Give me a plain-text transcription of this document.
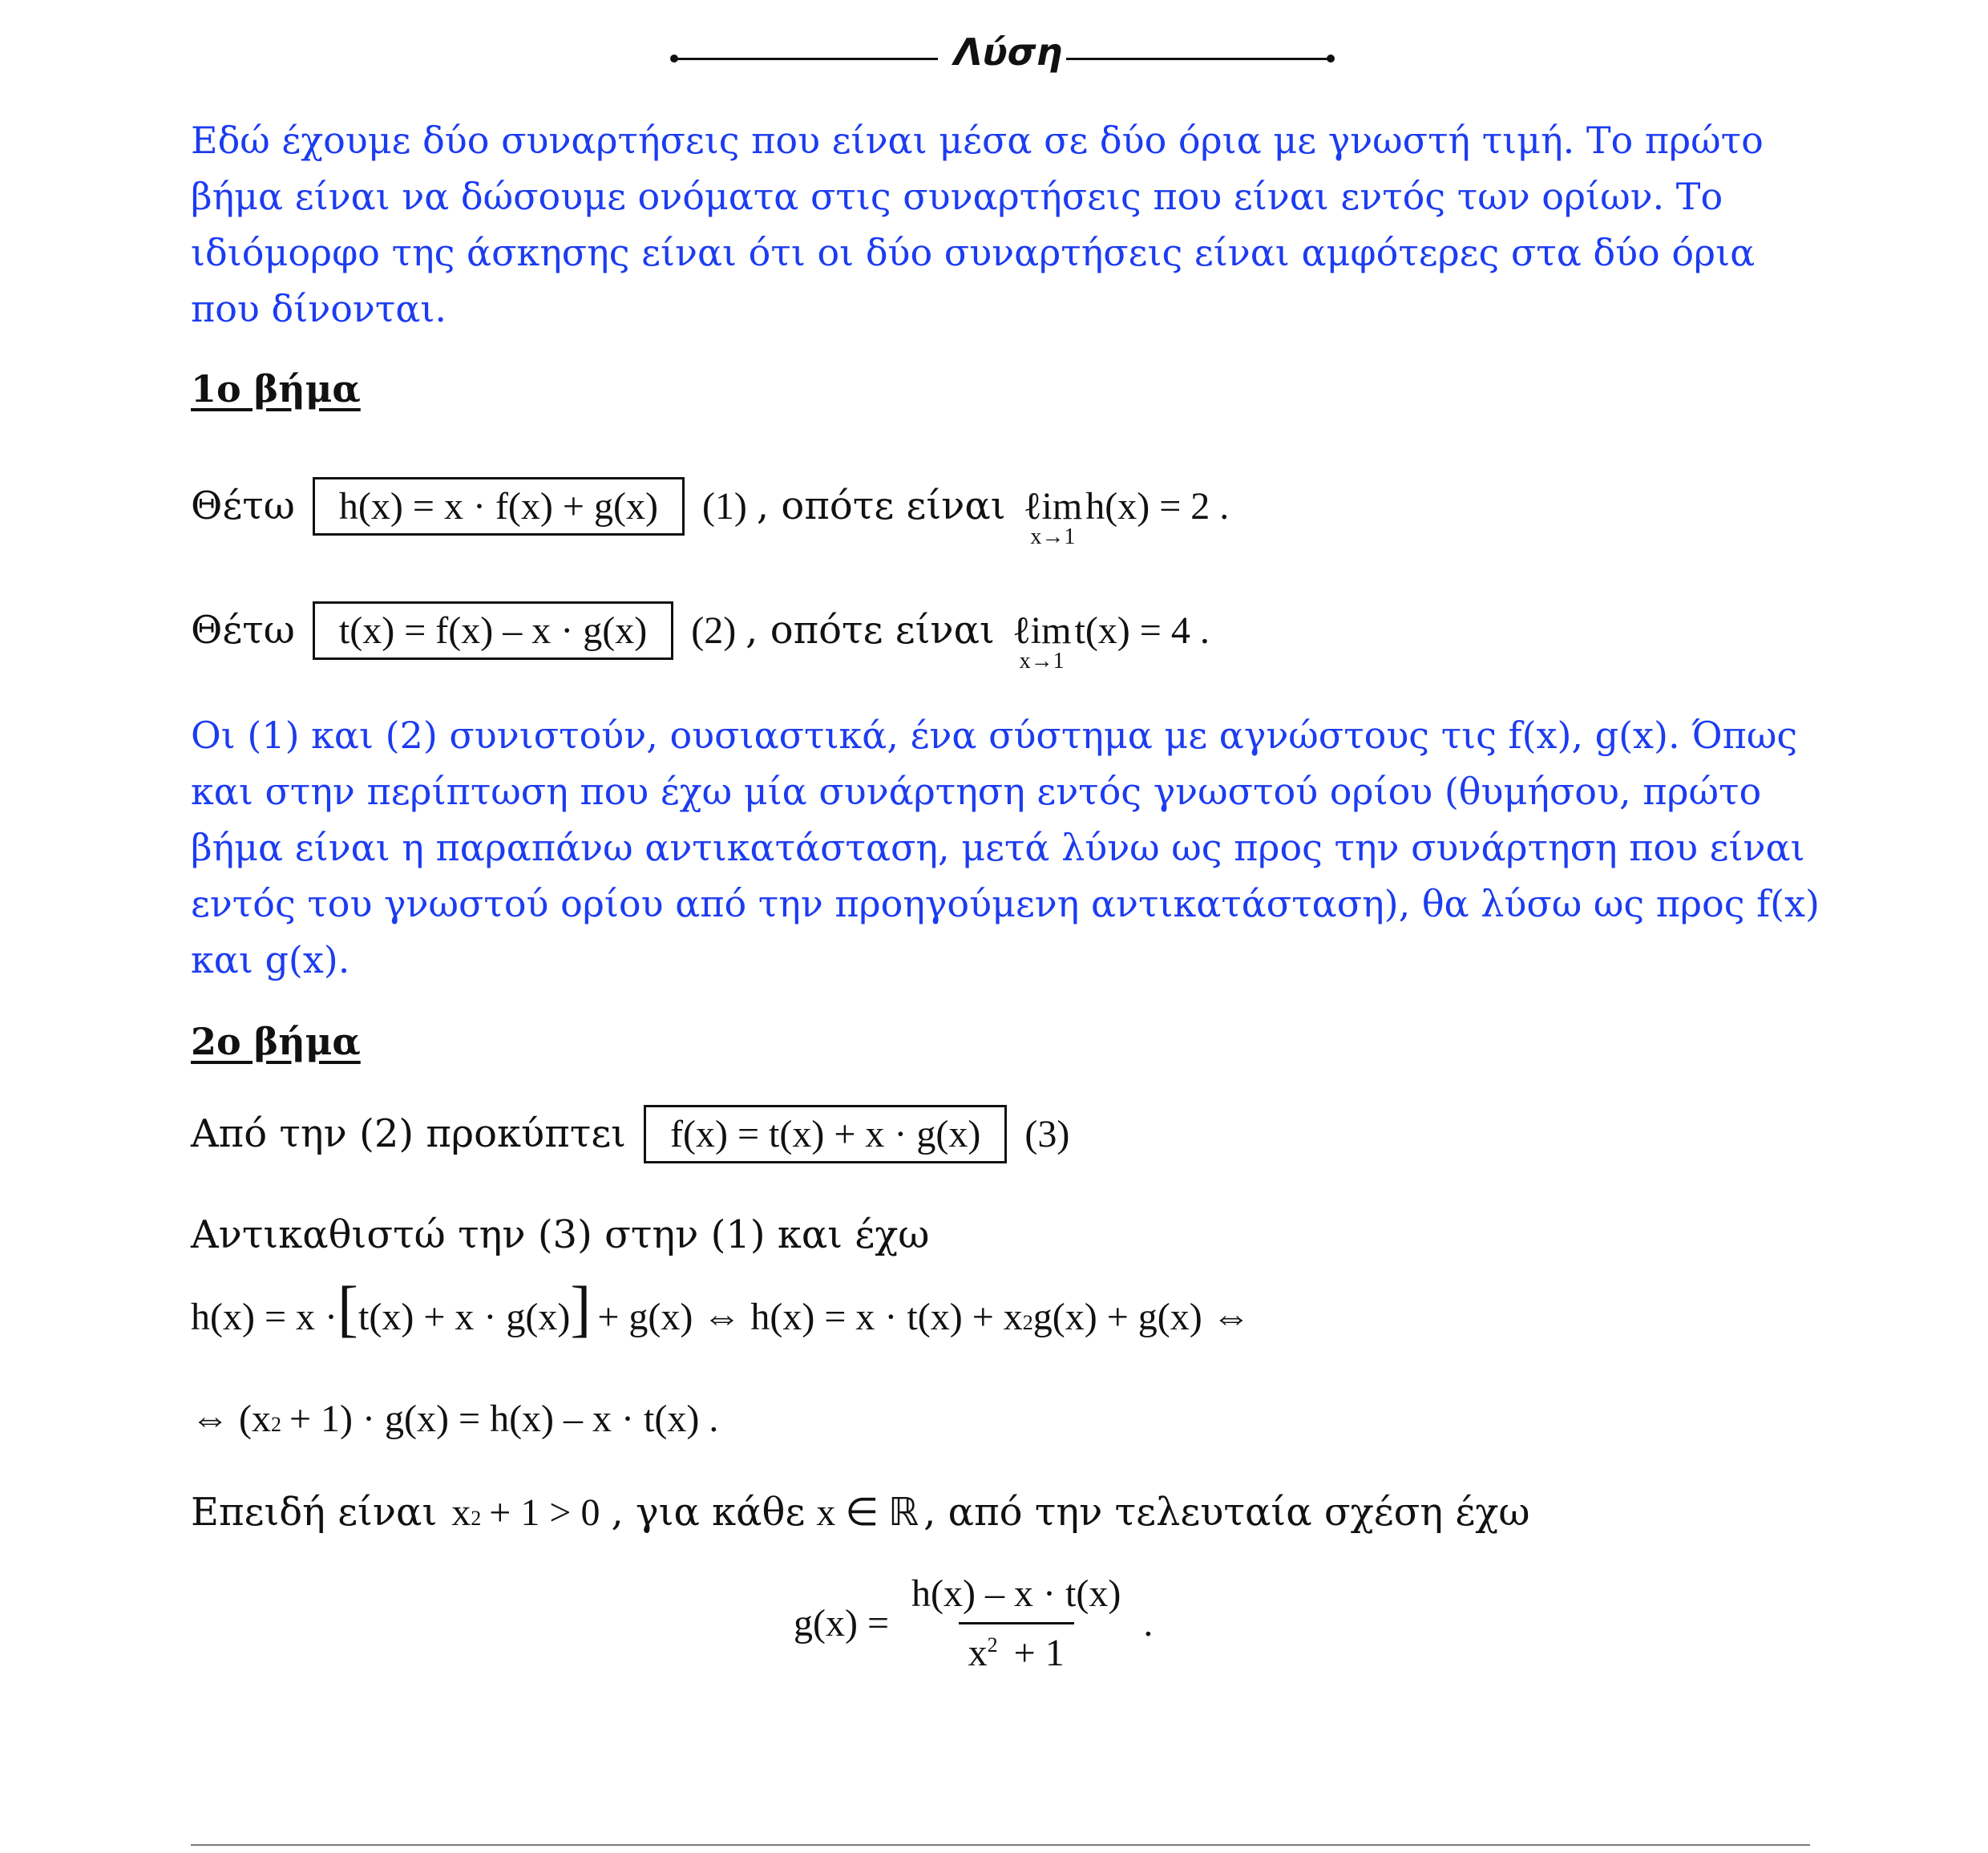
Λύση
Εδώ έχουμε δύο συναρτήσεις που είναι μέσα σε δύο όρια με γνωστή τιμή. Το πρώτο βήμα είναι να δώσουμε ονόματα στις συναρτήσεις που είναι εντός των ορίων. Το ιδιόμορφο της άσκησης είναι ότι οι δύο συναρτήσεις είναι αμφότερες στα δύο όρια που δίνονται.
1ο βήμα
Θέτω	h(x) = x · f(x) + g(x)	(1) , οπότε είναι ℓim
x→1
h(x) = 2 .
Θέτω	t(x) = f(x) – x · g(x)	(2) , οπότε είναι ℓim
x→1
t(x) = 4 .
Οι (1) και (2) συνιστούν, ουσιαστικά, ένα σύστημα με αγνώστους τις f(x), g(x). Όπως και στην περίπτωση που έχω μία συνάρτηση εντός γνωστού ορίου (θυμήσου, πρώτο βήμα είναι η παραπάνω αντικατάσταση, μετά λύνω ως προς την συνάρτηση που είναι εντός του γνωστού ορίου από την προηγούμενη αντικατάσταση), θα λύσω ως προς f(x) και g(x).
2ο βήμα
Από την (2) προκύπτει	f(x) = t(x) + x · g(x)	(3)
Αντικαθιστώ την (3) στην (1) και έχω
h(x) = x · [ t(x) + x · g(x) ] + g(x) ⇔ h(x) = x · t(x) + x 2 g(x) + g(x) ⇔
⇔ (x 2 + 1) · g(x) = h(x) – x · t(x) .
Επειδή είναι x 2 + 1 > 0 , για κάθε x ∈ ℝ , από την τελευταία σχέση έχω
$g(x) = \frac{h(x) - x \cdot t(x)}{x^2 + 1}$ .
